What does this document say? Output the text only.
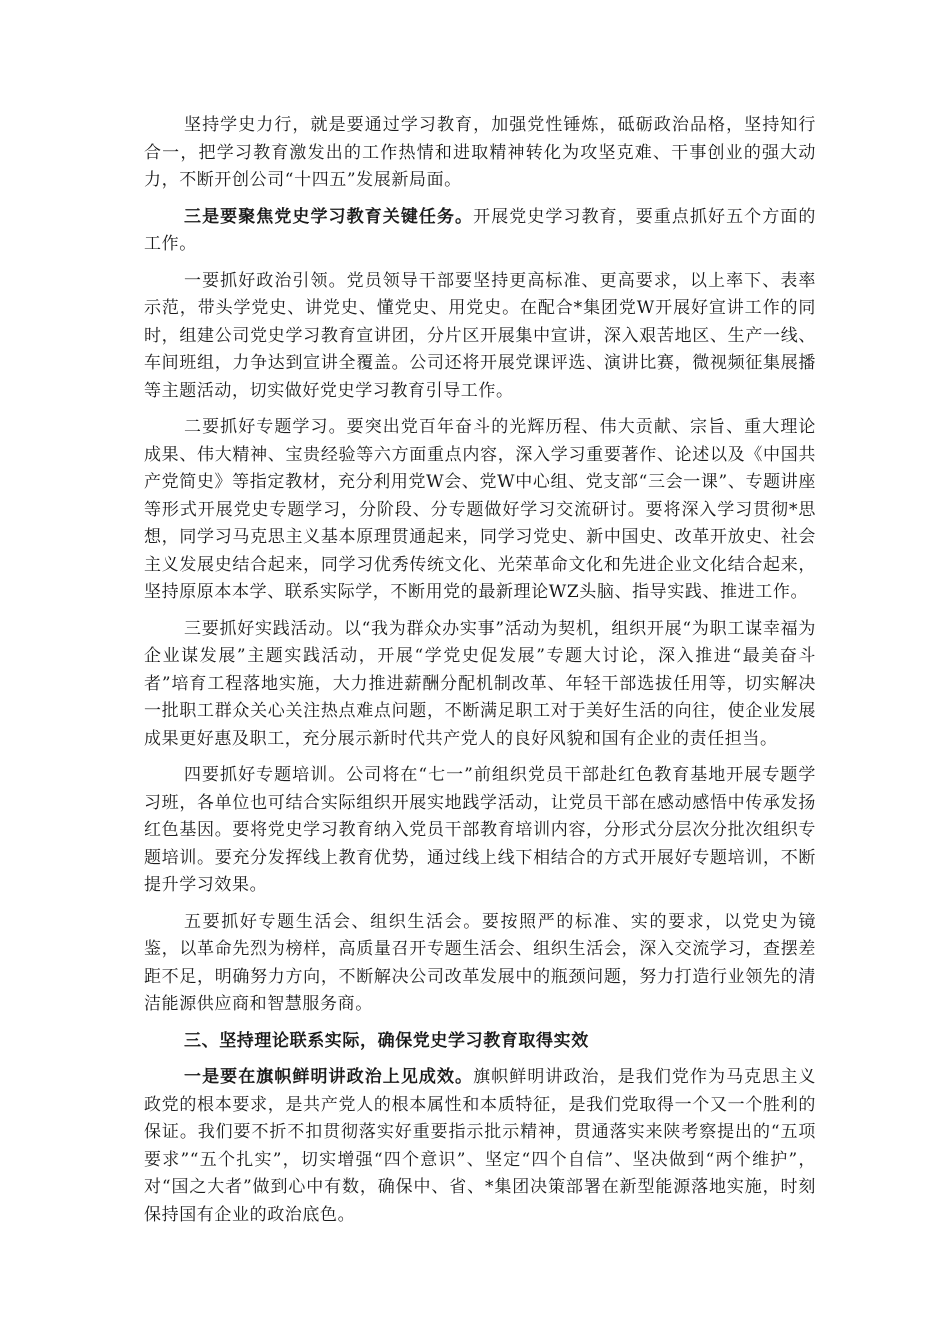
坚持学史力行，就是要通过学习教育，加强党性锤炼，砥砺政治品格，坚持知行合一，把学习教育激发出的工作热情和进取精神转化为攻坚克难、干事创业的强大动力，不断开创公司“十四五”发展新局面。

三是要聚焦党史学习教育关键任务。开展党史学习教育，要重点抓好五个方面的工作。

一要抓好政治引领。党员领导干部要坚持更高标准、更高要求，以上率下、表率示范，带头学党史、讲党史、懂党史、用党史。在配合*集团党W开展好宣讲工作的同时，组建公司党史学习教育宣讲团，分片区开展集中宣讲，深入艰苦地区、生产一线、车间班组，力争达到宣讲全覆盖。公司还将开展党课评选、演讲比赛，微视频征集展播等主题活动，切实做好党史学习教育引导工作。

二要抓好专题学习。要突出党百年奋斗的光辉历程、伟大贡献、宗旨、重大理论成果、伟大精神、宝贵经验等六方面重点内容，深入学习重要著作、论述以及《中国共产党简史》等指定教材，充分利用党W会、党W中心组、党支部“三会一课”、专题讲座等形式开展党史专题学习，分阶段、分专题做好学习交流研讨。要将深入学习贯彻*思想，同学习马克思主义基本原理贯通起来，同学习党史、新中国史、改革开放史、社会主义发展史结合起来，同学习优秀传统文化、光荣革命文化和先进企业文化结合起来，坚持原原本本学、联系实际学，不断用党的最新理论WZ头脑、指导实践、推进工作。

三要抓好实践活动。以“我为群众办实事”活动为契机，组织开展“为职工谋幸福为企业谋发展”主题实践活动，开展“学党史促发展”专题大讨论，深入推进“最美奋斗者”培育工程落地实施，大力推进薪酬分配机制改革、年轻干部选拔任用等，切实解决一批职工群众关心关注热点难点问题，不断满足职工对于美好生活的向往，使企业发展成果更好惠及职工，充分展示新时代共产党人的良好风貌和国有企业的责任担当。

四要抓好专题培训。公司将在“七一”前组织党员干部赴红色教育基地开展专题学习班，各单位也可结合实际组织开展实地践学活动，让党员干部在感动感悟中传承发扬红色基因。要将党史学习教育纳入党员干部教育培训内容，分形式分层次分批次组织专题培训。要充分发挥线上教育优势，通过线上线下相结合的方式开展好专题培训，不断提升学习效果。

五要抓好专题生活会、组织生活会。要按照严的标准、实的要求，以党史为镜鉴，以革命先烈为榜样，高质量召开专题生活会、组织生活会，深入交流学习，查摆差距不足，明确努力方向，不断解决公司改革发展中的瓶颈问题，努力打造行业领先的清洁能源供应商和智慧服务商。

三、坚持理论联系实际，确保党史学习教育取得实效

一是要在旗帜鲜明讲政治上见成效。旗帜鲜明讲政治，是我们党作为马克思主义政党的根本要求，是共产党人的根本属性和本质特征，是我们党取得一个又一个胜利的保证。我们要不折不扣贯彻落实好重要指示批示精神，贯通落实来陕考察提出的“五项要求”“五个扎实”，切实增强“四个意识”、坚定“四个自信”、坚决做到“两个维护”，对“国之大者”做到心中有数，确保中、省、*集团决策部署在新型能源落地实施，时刻保持国有企业的政治底色。
